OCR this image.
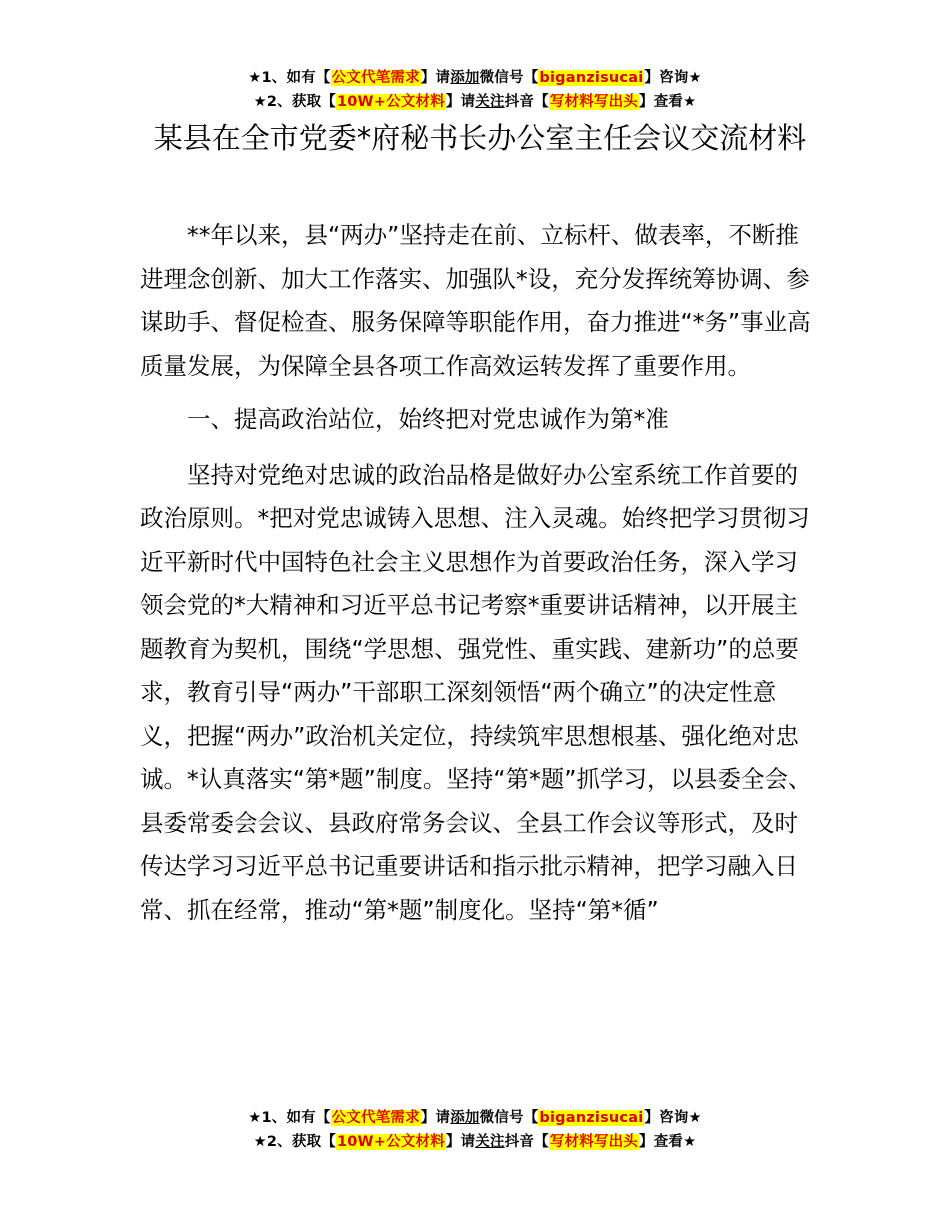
★1、如有【公文代笔需求】请添加微信号【biganzisucai】咨询★
★2、获取【10W+公文材料】请关注抖音【写材料写出头】查看★
某县在全市党委*府秘书长办公室主任会议交流材料

**年以来，县“两办”坚持走在前、立标杆、做表率，不断推进理念创新、加大工作落实、加强队*设，充分发挥统筹协调、参谋助手、督促检查、服务保障等职能作用，奋力推进“*务”事业高质量发展，为保障全县各项工作高效运转发挥了重要作用。

一、提高政治站位，始终把对党忠诚作为第*准

坚持对党绝对忠诚的政治品格是做好办公室系统工作首要的政治原则。*把对党忠诚铸入思想、注入灵魂。始终把学习贯彻习近平新时代中国特色社会主义思想作为首要政治任务，深入学习领会党的*大精神和习近平总书记考察*重要讲话精神，以开展主题教育为契机，围绕“学思想、强党性、重实践、建新功”的总要求，教育引导“两办”干部职工深刻领悟“两个确立”的决定性意义，把握“两办”政治机关定位，持续筑牢思想根基、强化绝对忠诚。*认真落实“第*题”制度。坚持“第*题”抓学习，以县委全会、县委常委会会议、县政府常务会议、全县工作会议等形式，及时传达学习习近平总书记重要讲话和指示批示精神，把学习融入日常、抓在经常，推动“第*题”制度化。坚持“第*循”

★1、如有【公文代笔需求】请添加微信号【biganzisucai】咨询★
★2、获取【10W+公文材料】请关注抖音【写材料写出头】查看★
